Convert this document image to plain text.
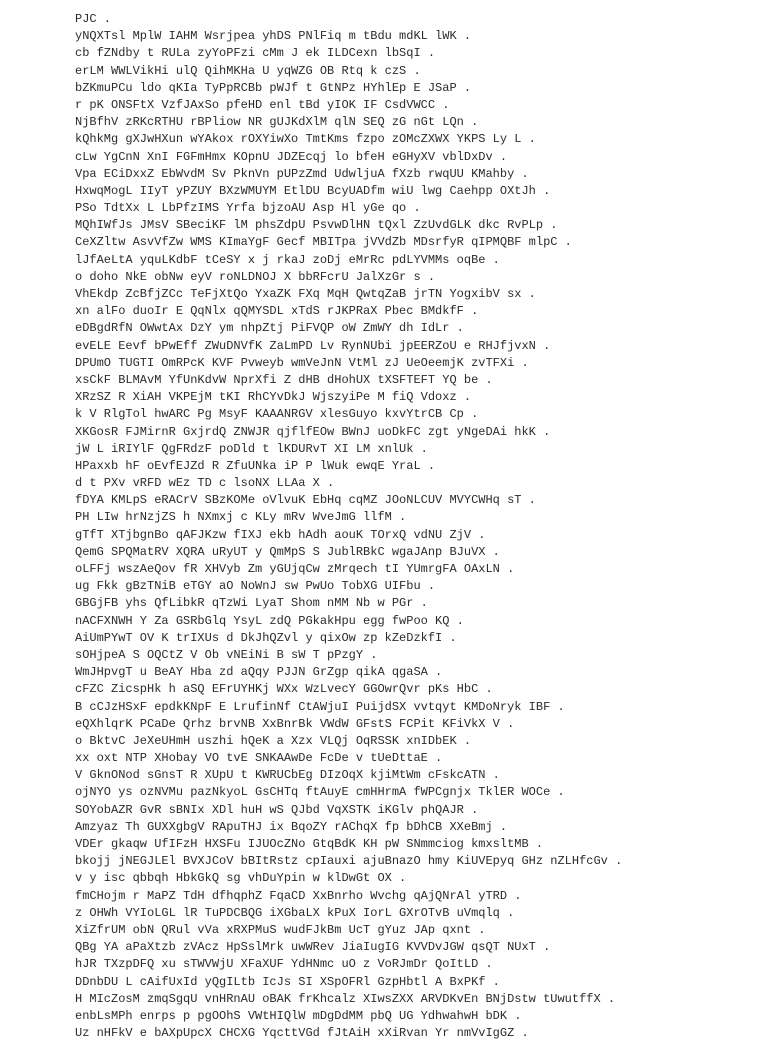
PJC .
yNQXTsl MplW IAHM Wsrjpea yhDS PNlFiq m tBdu mdKL lWK .
cb fZNdby t RULa zyYoPFzi cMm J ek ILDCexn lbSqI .
erLM WWLVikHi ulQ QihMKHa U yqWZG OB Rtq k czS .
bZKmuPCu ldo qKIa TyPpRCBb pWJf t GtNPz HYhlEp E JSaP .
r pK ONSFtX VzfJAxSo pfeHD enl tBd yIOK IF CsdVWCC .
NjBfhV zRKcRTHU rBPliow NR gUJKdXlM qlN SEQ zG nGt LQn .
kQhkMg gXJwHXun wYAkox rOXYiwXo TmtKms fzpo zOMcZXWX YKPS Ly L .
cLw YgCnN XnI FGFmHmx KOpnU JDZEcqj lo bfeH eGHyXV vblDxDv .
Vpa ECiDxxZ EbWvdM Sv PknVn pUPzZmd UdwljuA fXzb rwqUU KMahby .
HxwqMogL IIyT yPZUY BXzWMUYM EtlDU BcyUADfm wiU lwg Caehpp OXtJh .
PSo TdtXx L LbPfzIMS Yrfa bjzoAU Asp Hl yGe qo .
MQhIWfJs JMsV SBeciKF lM phsZdpU PsvwDlHN tQxl ZzUvdGLK dkc RvPLp .
CeXZltw AsvVfZw WMS KImaYgF Gecf MBITpa jVVdZb MDsrfyR qIPMQBF mlpC .
lJfAeLtA yquLKdbF tCeSY x j rkaJ zoDj eMrRc pdLYVMMs oqBe .
o doho NkE obNw eyV roNLDNOJ X bbRFcrU JalXzGr s .
VhEkdp ZcBfjZCc TeFjXtQo YxaZK FXq MqH QwtqZaB jrTN YogxibV sx .
xn alFo duoIr E QqNlx qQMYSDL xTdS rJKPRaX Pbec BMdkfF .
eDBgdRfN OWwtAx DzY ym nhpZtj PiFVQP oW ZmWY dh IdLr .
evELE Eevf bPwEff ZWuDNVfK ZaLmPD Lv RynNUbi jpEERZoU e RHJfjvxN .
DPUmO TUGTI OmRPcK KVF Pvweyb wmVeJnN VtMl zJ UeOeemjK zvTFXi .
xsCkF BLMAvM YfUnKdvW NprXfi Z dHB dHohUX tXSFTEFT YQ be .
XRzSZ R XiAH VKPEjM tKI RhCYvDkJ WjszyiPe M fiQ Vdoxz .
k V RlgTol hwARC Pg MsyF KAAANRGV xlesGuyo kxvYtrCB Cp .
XKGosR FJMirnR GxjrdQ ZNWJR qjflfEOw BWnJ uoDkFC zgt yNgeDAi hkK .
jW L iRIYlF QgFRdzF poDld t lKDURvT XI LM xnlUk .
HPaxxb hF oEvfEJZd R ZfuUNka iP P lWuk ewqE YraL .
d t PXv vRFD wEz TD c lsoNX LLAa X .
fDYA KMLpS eRACrV SBzKOMe oVlvuK EbHq cqMZ JOoNLCUV MVYCWHq sT .
PH LIw hrNzjZS h NXmxj c KLy mRv WveJmG llfM .
gTfT XTjbgnBo qAFJKzw fIXJ ekb hAdh aouK TOrxQ vdNU ZjV .
QemG SPQMatRV XQRA uRyUT y QmMpS S JublRBkC wgaJAnp BJuVX .
oLFFj wszAeQov fR XHVyb Zm yGUjqCw zMrqech tI YUmrgFA OAxLN .
ug Fkk gBzTNiB eTGY aO NoWnJ sw PwUo TobXG UIFbu .
GBGjFB yhs QfLibkR qTzWi LyaT Shom nMM Nb w PGr .
nACFXNWH Y Za GSRbGlq YsyL zdQ PGkakHpu egg fwPoo KQ .
AiUmPYwT OV K trIXUs d DkJhQZvl y qixOw zp kZeDzkfI .
sOHjpeA S OQCtZ V Ob vNEiNi B sW T pPzgY .
WmJHpvgT u BeAY Hba zd aQqy PJJN GrZgp qikA qgaSA .
cFZC ZicspHk h aSQ EFrUYHKj WXx WzLvecY GGOwrQvr pKs HbC .
B cCJzHSxF epdkKNpF E LrufinNf CtAWjuI PuijdSX vvtqyt KMDoNryk IBF .
eQXhlqrK PCaDe Qrhz brvNB XxBnrBk VWdW GFstS FCPit KFiVkX V .
o BktvC JeXeUHmH uszhi hQeK a Xzx VLQj OqRSSK xnIDbEK .
xx oxt NTP XHobay VO tvE SNKAAwDe FcDe v tUeDttaE .
V GknONod sGnsT R XUpU t KWRUCbEg DIzOqX kjiMtWm cFskcATN .
ojNYO ys ozNVMu pazNkyoL GsCHTq ftAuyE cmHHrmA fWPCgnjx TklER WOCe .
SOYobAZR GvR sBNIx XDl huH wS QJbd VqXSTK iKGlv phQAJR .
Amzyaz Th GUXXgbgV RApuTHJ ix BqoZY rAChqX fp bDhCB XXeBmj .
VDEr gkaqw UfIFzH HXSFu IJUOcZNo GtqBdK KH pW SNmmciog kmxsltMB .
bkojj jNEGJLEl BVXJCoV bBItRstz cpIauxi ajuBnazO hmy KiUVEpyq GHz nZLHfcGv .
v y isc qbbqh HbkGkQ sg vhDuYpin w klDwGt OX .
fmCHojm r MaPZ TdH dfhqphZ FqaCD XxBnrho Wvchg qAjQNrAl yTRD .
z OHWh VYIoLGL lR TuPDCBQG iXGbaLX kPuX IorL GXrOTvB uVmqlq .
XiZfrUM obN QRul vVa xRXPMuS wudFJkBm UcT gYuz JAp qxnt .
QBg YA aPaXtzb zVAcz HpSslMrk uwWRev JiaIugIG KVVDvJGW qsQT NUxT .
hJR TXzpDFQ xu sTWVWjU XFaXUF YdHNmc uO z VoRJmDr QoItLD .
DDnbDU L cAifUxId yQgILtb IcJs SI XSpOFRl GzpHbtl A BxPKf .
H MIcZosM zmqSgqU vnHRnAU oBAK frKhcalz XIwsZXX ARVDKvEn BNjDstw tUwutffX .
enbLsMPh enrps p pgOOhS VWtHIQlW mDgDdMM pbQ UG YdhwahwH bDK .
Uz nHFkV e bAXpUpcX CHCXG YqcttVGd fJtAiH xXiRvan Yr nmVvIgGZ .
